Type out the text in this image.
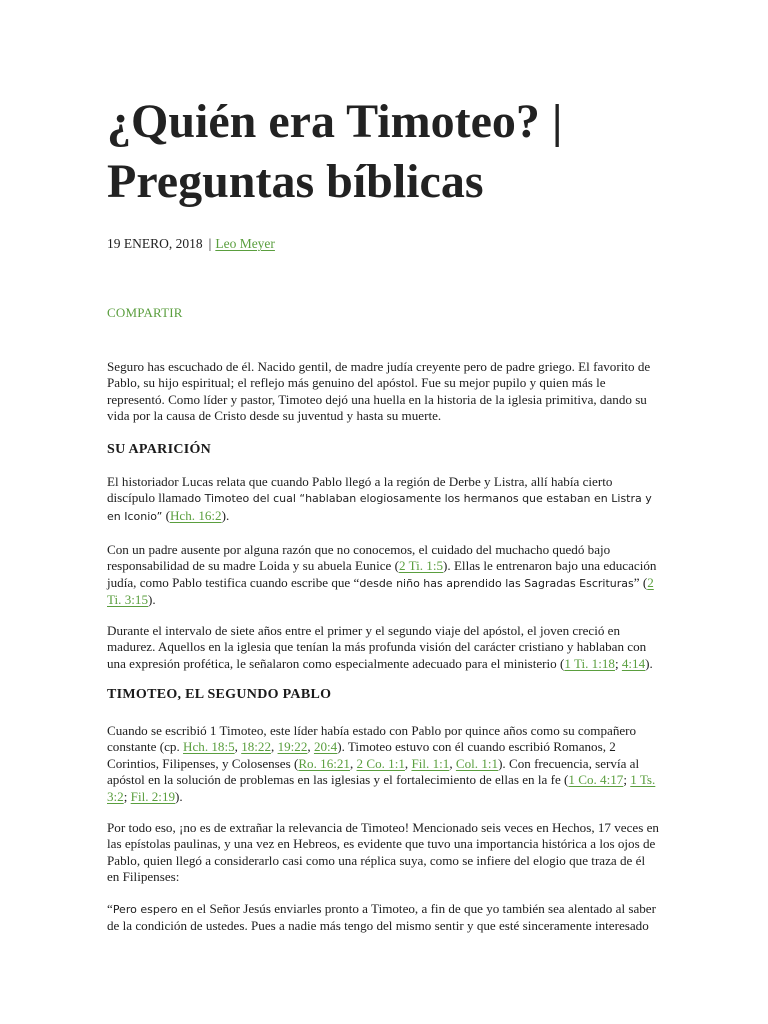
¿Quién era Timoteo? |
Preguntas bíblicas
19 ENERO, 2018 | Leo Meyer
COMPARTIR

Seguro has escuchado de él. Nacido gentil, de madre judía creyente pero de padre griego. El favorito de Pablo, su hijo espiritual; el reflejo más genuino del apóstol. Fue su mejor pupilo y quien más le representó. Como líder y pastor, Timoteo dejó una huella en la historia de la iglesia primitiva, dando su vida por la causa de Cristo desde su juventud y hasta su muerte.

SU APARICIÓN

El historiador Lucas relata que cuando Pablo llegó a la región de Derbe y Listra, allí había cierto discípulo llamado Timoteo del cual “hablaban elogiosamente los hermanos que estaban en Listra y en Iconio” (Hch. 16:2).

Con un padre ausente por alguna razón que no conocemos, el cuidado del muchacho quedó bajo responsabilidad de su madre Loida y su abuela Eunice (2 Ti. 1:5). Ellas le entrenaron bajo una educación judía, como Pablo testifica cuando escribe que “desde niño has aprendido las Sagradas Escrituras” (2 Ti. 3:15).

Durante el intervalo de siete años entre el primer y el segundo viaje del apóstol, el joven creció en madurez. Aquellos en la iglesia que tenían la más profunda visión del carácter cristiano y hablaban con una expresión profética, le señalaron como especialmente adecuado para el ministerio (1 Ti. 1:18; 4:14).

TIMOTEO, EL SEGUNDO PABLO

Cuando se escribió 1 Timoteo, este líder había estado con Pablo por quince años como su compañero constante (cp. Hch. 18:5, 18:22, 19:22, 20:4). Timoteo estuvo con él cuando escribió Romanos, 2 Corintios, Filipenses, y Colosenses (Ro. 16:21, 2 Co. 1:1, Fil. 1:1, Col. 1:1). Con frecuencia, servía al apóstol en la solución de problemas en las iglesias y el fortalecimiento de ellas en la fe (1 Co. 4:17; 1 Ts. 3:2; Fil. 2:19).

Por todo eso, ¡no es de extrañar la relevancia de Timoteo! Mencionado seis veces en Hechos, 17 veces en las epístolas paulinas, y una vez en Hebreos, es evidente que tuvo una importancia histórica a los ojos de Pablo, quien llegó a considerarlo casi como una réplica suya, como se infiere del elogio que traza de él en Filipenses:

“Pero espero en el Señor Jesús enviarles pronto a Timoteo, a fin de que yo también sea alentado al saber de la condición de ustedes. Pues a nadie más tengo del mismo sentir y que esté sinceramente interesado
